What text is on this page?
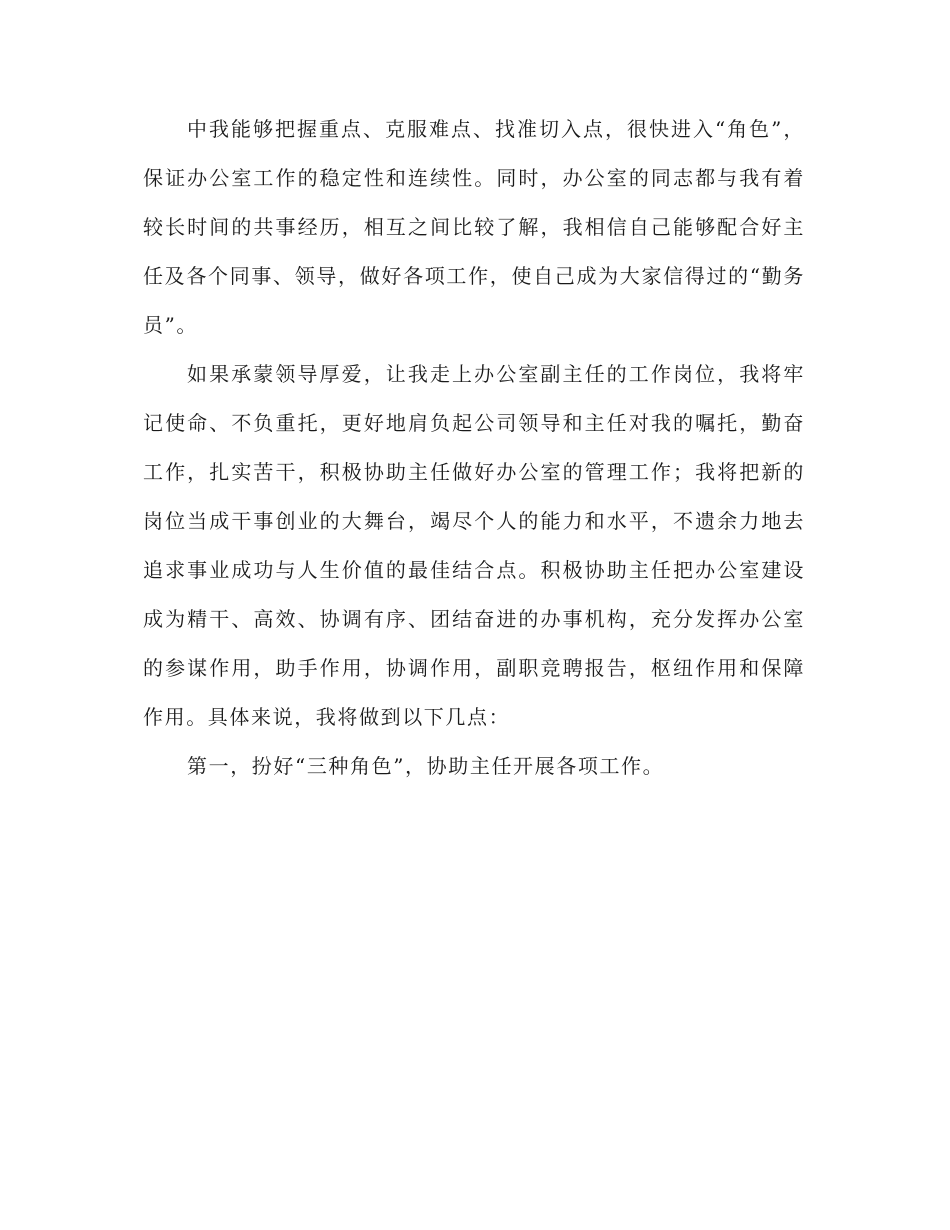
中我能够把握重点、克服难点、找准切入点，很快进入“角色”，保证办公室工作的稳定性和连续性。同时，办公室的同志都与我有着较长时间的共事经历，相互之间比较了解，我相信自己能够配合好主任及各个同事、领导，做好各项工作，使自己成为大家信得过的“勤务员”。

如果承蒙领导厚爱，让我走上办公室副主任的工作岗位，我将牢记使命、不负重托，更好地肩负起公司领导和主任对我的嘱托，勤奋工作，扎实苦干，积极协助主任做好办公室的管理工作；我将把新的岗位当成干事创业的大舞台，竭尽个人的能力和水平，不遗余力地去追求事业成功与人生价值的最佳结合点。积极协助主任把办公室建设成为精干、高效、协调有序、团结奋进的办事机构，充分发挥办公室的参谋作用，助手作用，协调作用，副职竞聘报告，枢纽作用和保障作用。具体来说，我将做到以下几点：

第一，扮好“三种角色”，协助主任开展各项工作。
